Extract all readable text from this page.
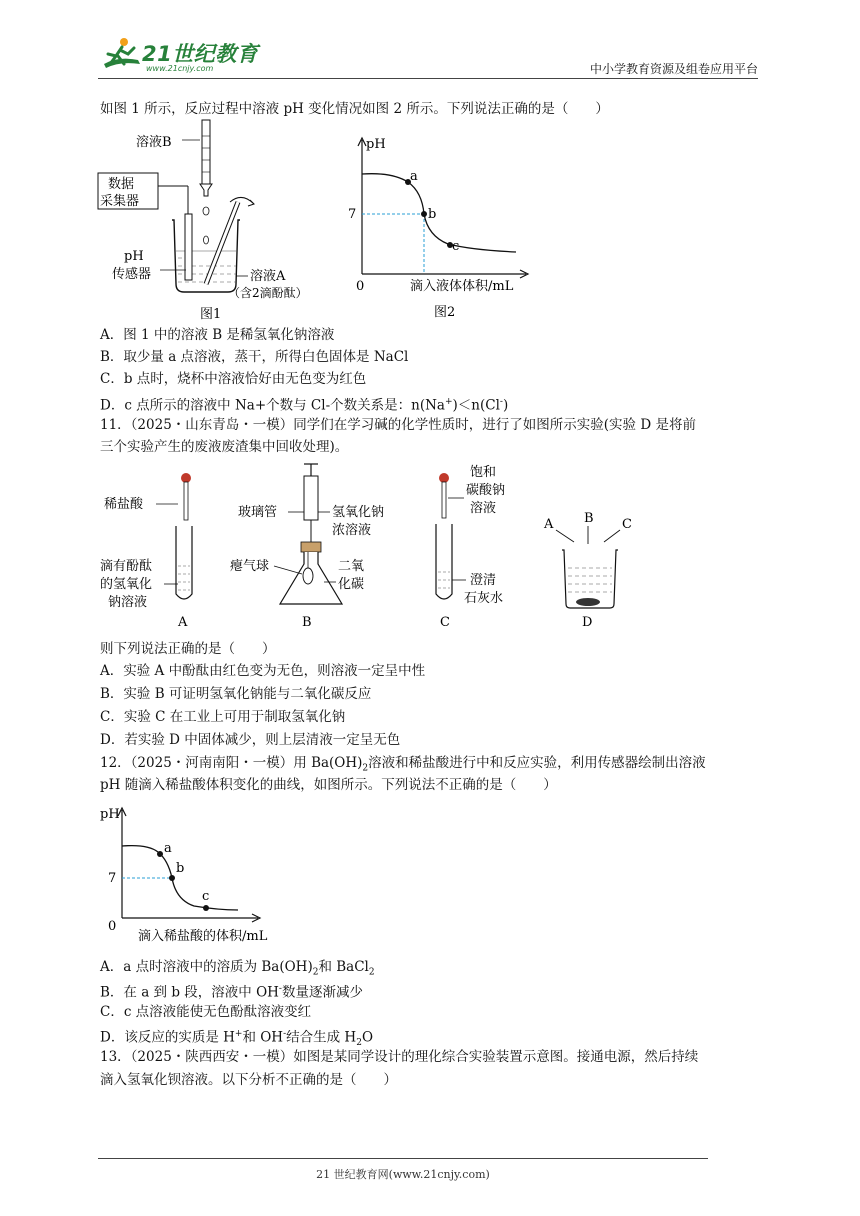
21世纪教育
www.21cnjy.com	中小学教育资源及组卷应用平台
如图 1 所示，反应过程中溶液 pH 变化情况如图 2 所示。下列说法正确的是（　　）
溶液B
数据
采集器
pH
传感器	溶液A
（含2滴酚酞）
图1
pH
7
0
a
b
c
滴入液体体积/mL
图2
A．图 1 中的溶液 B 是稀氢氧化钠溶液
B．取少量 a 点溶液，蒸干，所得白色固体是 NaCl
C．b 点时，烧杯中溶液恰好由无色变为红色
D．c 点所示的溶液中 Na+个数与 Cl-个数关系是：n(Na+)＜n(Cl-)
11．（2025・山东青岛・一模）同学们在学习碱的化学性质时，进行了如图所示实验(实验 D 是将前
三个实验产生的废液废渣集中回收处理)。
稀盐酸
滴有酚酞
的氢氧化
钠溶液
A
玻璃管	氢氧化钠
浓溶液
瘪气球	二氧
化碳
B
饱和
碳酸钠
溶液
澄清
石灰水
C
A B C
D
则下列说法正确的是（　　）
A．实验 A 中酚酞由红色变为无色，则溶液一定呈中性
B．实验 B 可证明氢氧化钠能与二氧化碳反应
C．实验 C 在工业上可用于制取氢氧化钠
D．若实验 D 中固体减少，则上层清液一定呈无色
12．（2025・河南南阳・一模）用 $Ba(OH)_2$溶液和稀盐酸进行中和反应实验，利用传感器绘制出溶液
pH 随滴入稀盐酸体积变化的曲线，如图所示。下列说法不正确的是（　　）
pH
7
0
a
b
c
滴入稀盐酸的体积/mL
A．a 点时溶液中的溶质为 $Ba(OH)_2$和 BaCl$_2$
B．在 a 到 b 段，溶液中 OH-数量逐渐减少
C．c 点溶液能使无色酚酞溶液变红
D．该反应的实质是 H+和 OH-结合生成 $H_2O$
13．（2025・陕西西安・一模）如图是某同学设计的理化综合实验装置示意图。接通电源，然后持续
滴入氢氧化钡溶液。以下分析不正确的是（　　）
21 世纪教育网(www.21cnjy.com)
